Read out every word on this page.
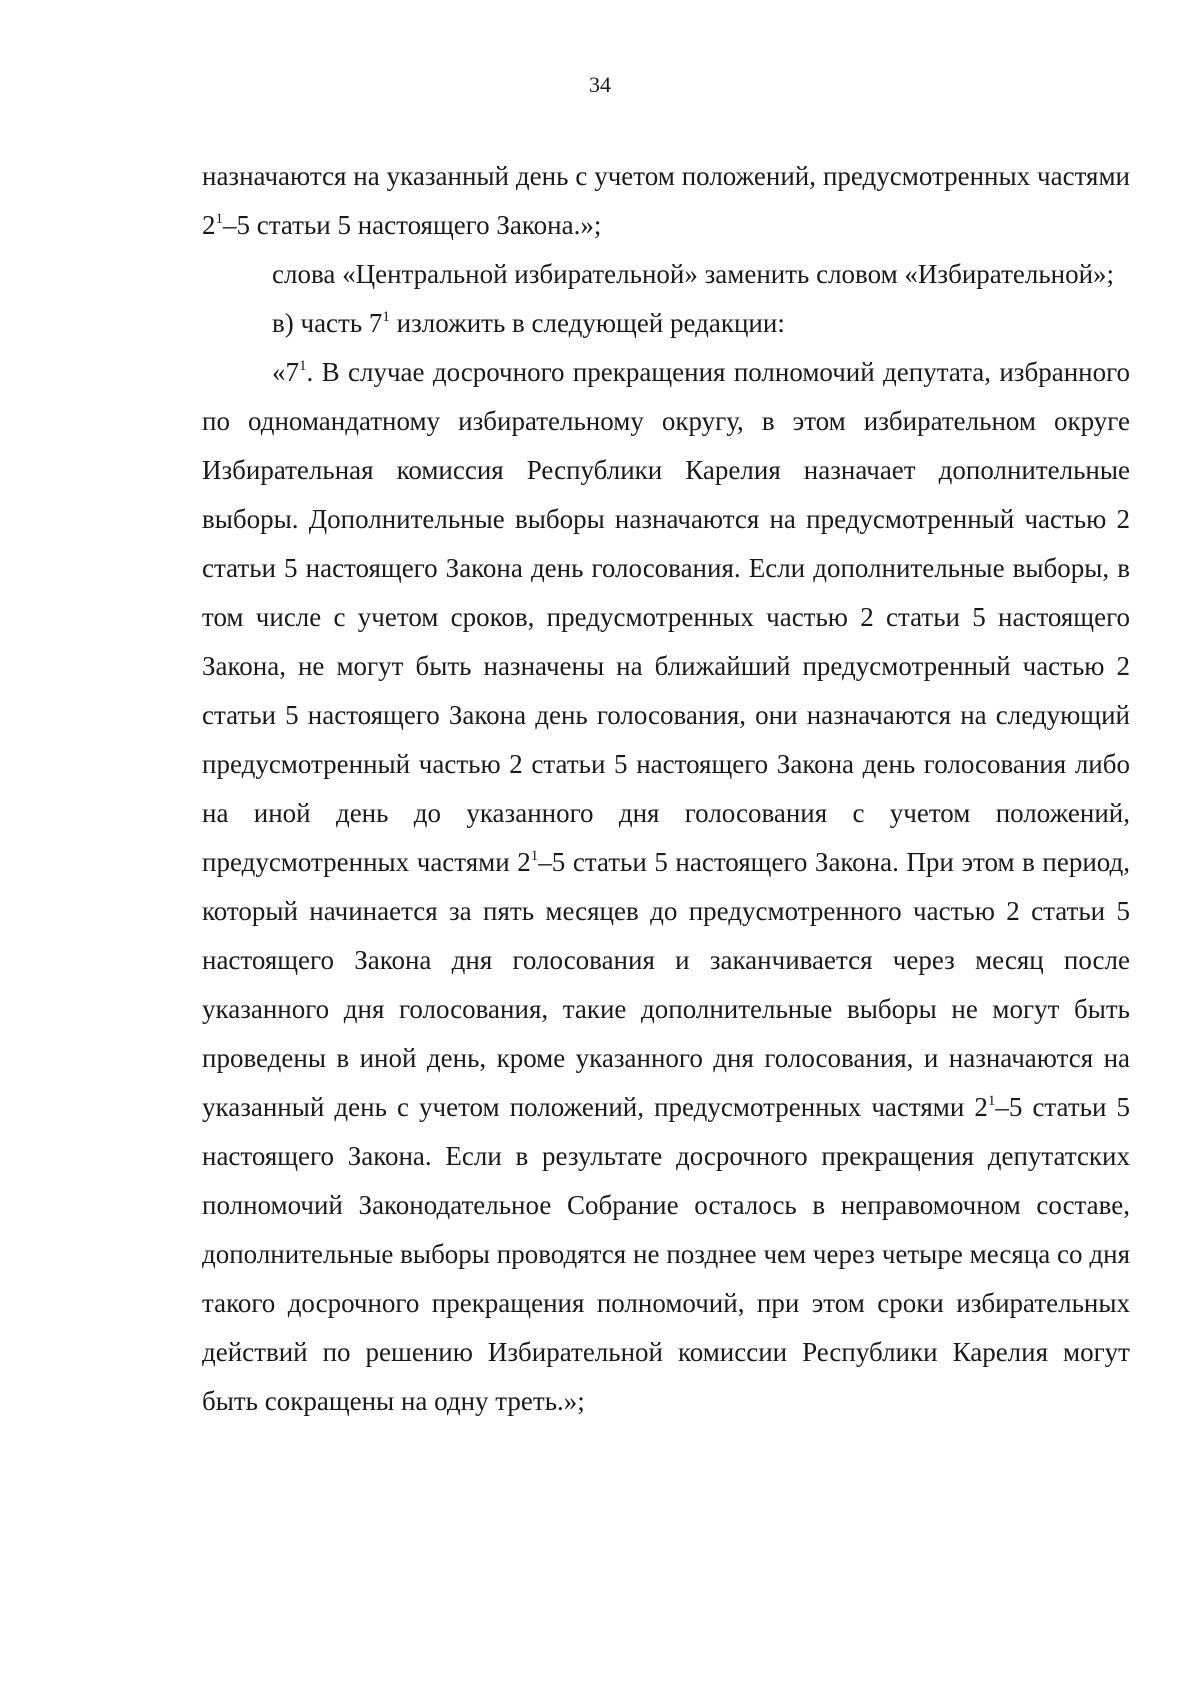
34

назначаются на указанный день с учетом положений, предусмотренных частями $2^1-5$ статьи 5 настоящего Закона.»;

слова «Центральной избирательной» заменить словом «Избирательной»;

в) часть $7^1$ изложить в следующей редакции:

«$7^1$. В случае досрочного прекращения полномочий депутата, избранного по одномандатному избирательному округу, в этом избирательном округе Избирательная комиссия Республики Карелия назначает дополнительные выборы. Дополнительные выборы назначаются на предусмотренный частью 2 статьи 5 настоящего Закона день голосования. Если дополнительные выборы, в том числе с учетом сроков, предусмотренных частью 2 статьи 5 настоящего Закона, не могут быть назначены на ближайший предусмотренный частью 2 статьи 5 настоящего Закона день голосования, они назначаются на следующий предусмотренный частью 2 статьи 5 настоящего Закона день голосования либо на иной день до указанного дня голосования с учетом положений, предусмотренных частями $2^1-5$ статьи 5 настоящего Закона. При этом в период, который начинается за пять месяцев до предусмотренного частью 2 статьи 5 настоящего Закона дня голосования и заканчивается через месяц после указанного дня голосования, такие дополнительные выборы не могут быть проведены в иной день, кроме указанного дня голосования, и назначаются на указанный день с учетом положений, предусмотренных частями $2^1-5$ статьи 5 настоящего Закона. Если в результате досрочного прекращения депутатских полномочий Законодательное Собрание осталось в неправомочном составе, дополнительные выборы проводятся не позднее чем через четыре месяца со дня такого досрочного прекращения полномочий, при этом сроки избирательных действий по решению Избирательной комиссии Республики Карелия могут быть сокращены на одну треть.»;
